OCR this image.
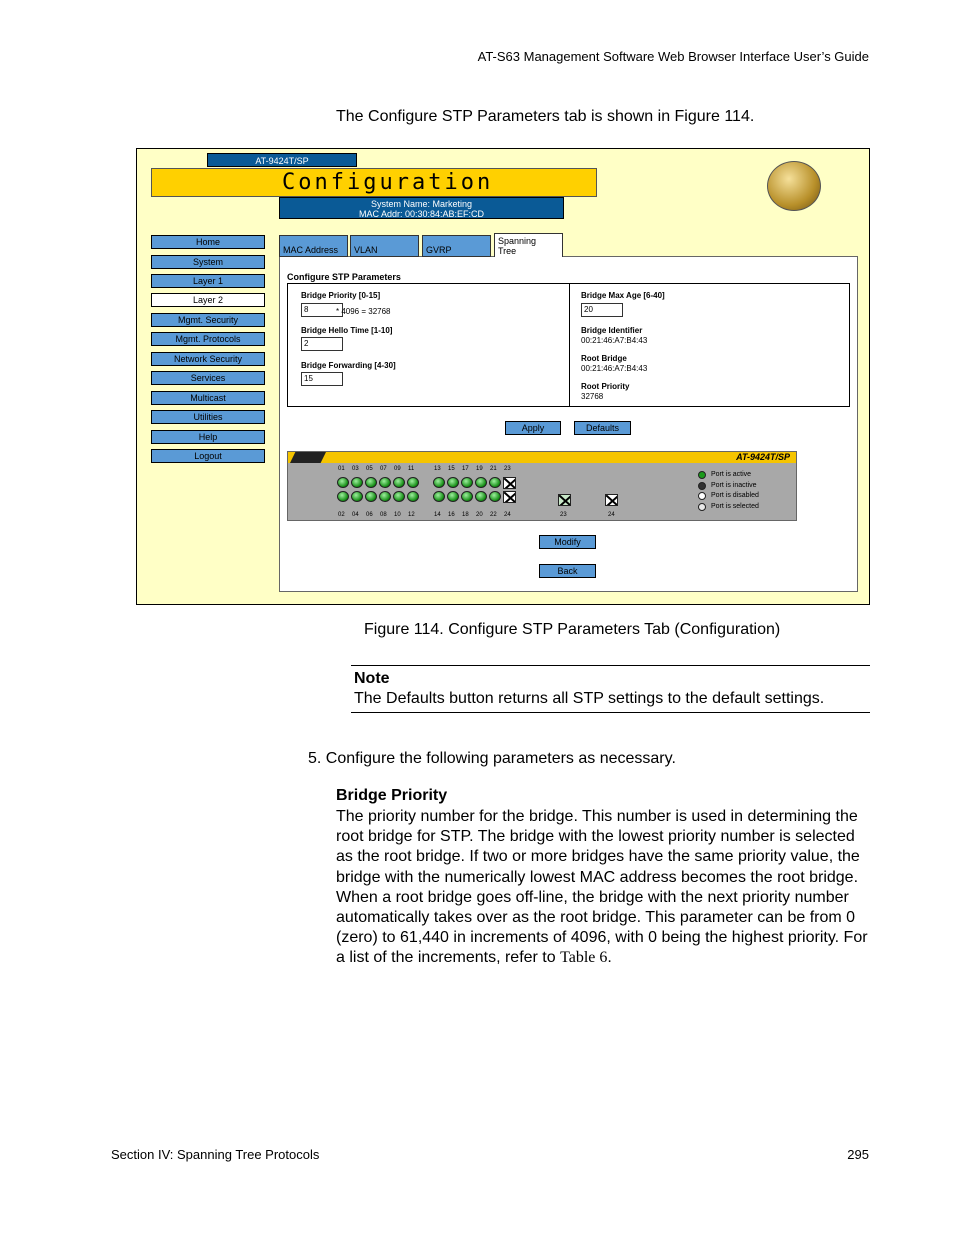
AT-S63 Management Software Web Browser Interface User’s Guide
The Configure STP Parameters tab is shown in Figure 114.
AT-9424T/SP
Configuration
System Name: Marketing
MAC Addr: 00:30:84:AB:EF:CD
Home
System
Layer 1
Layer 2
Mgmt. Security
Mgmt. Protocols
Network Security
Services
Multicast
Utilities
Help
Logout
MAC Address	VLAN	GVRP
Spanning
Tree
Configure STP Parameters
Bridge Priority [0-15]
8	* 4096 = 32768
Bridge Hello Time [1-10]
2
Bridge Forwarding [4-30]
15
Bridge Max Age [6-40]
20
Bridge Identifier
00:21:46:A7:B4:43
Root Bridge
00:21:46:A7:B4:43
Root Priority
32768
Apply	Defaults
AT-9424T/SP
01 03 05 07 09 11	13 15 17 19 21 23
02 04 06 08 10 12	14 16 18 20 22 24	23	24
Port is active
Port is inactive
Port is disabled
Port is selected
Modify
Back
Figure 114. Configure STP Parameters Tab (Configuration)
Note

The Defaults button returns all STP settings to the default settings.

5. Configure the following parameters as necessary.
Bridge Priority
The priority number for the bridge. This number is used in determining the root bridge for STP. The bridge with the lowest priority number is selected as the root bridge. If two or more bridges have the same priority value, the bridge with the numerically lowest MAC address becomes the root bridge. When a root bridge goes off-line, the bridge with the next priority number automatically takes over as the root bridge. This parameter can be from 0 (zero) to 61,440 in increments of 4096, with 0 being the highest priority. For a list of the increments, refer to Table 6.
Section IV: Spanning Tree Protocols	295
